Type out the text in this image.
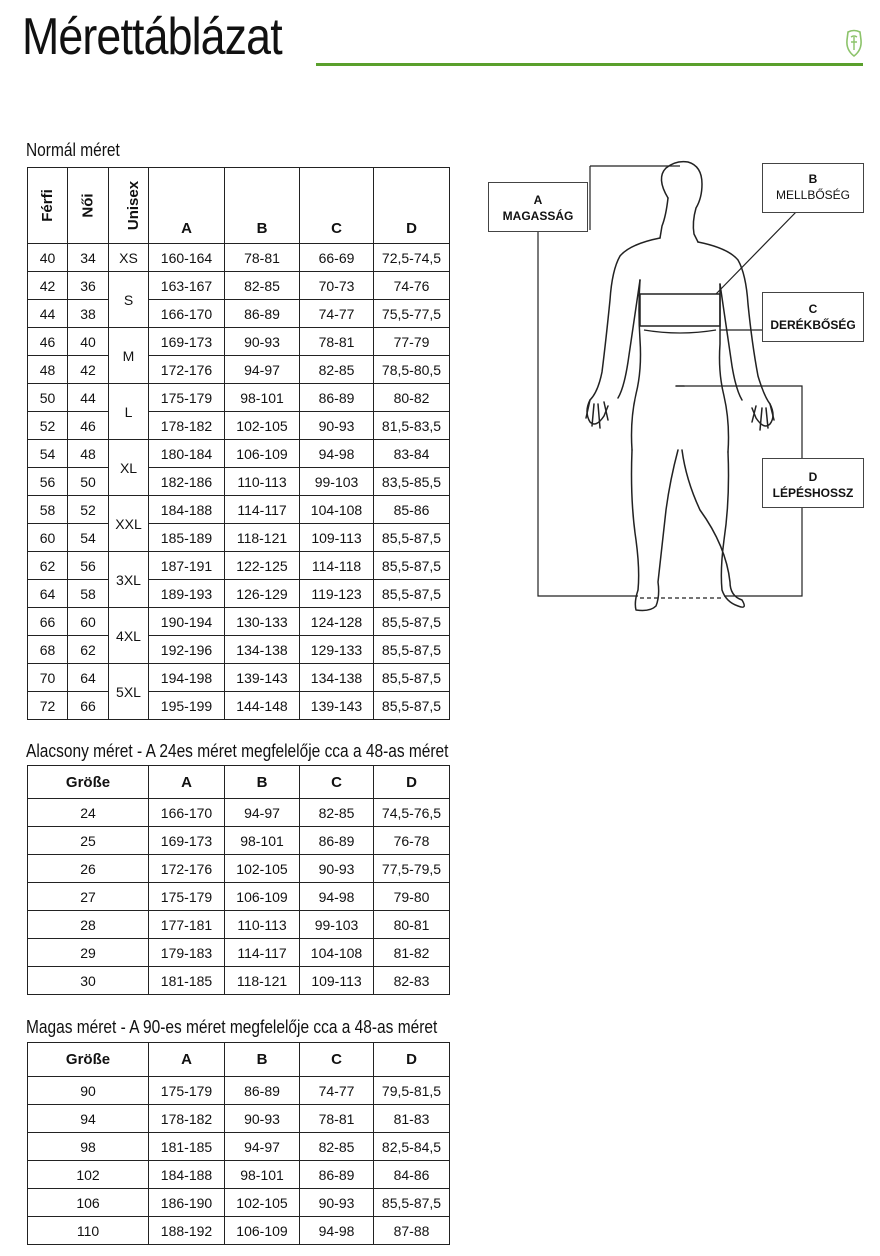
Mérettáblázat
Normál méret
Férfi	Női	Unisex	A	B	C	D
40	34	XS	160-164	78-81	66-69	72,5-74,5
42	36	S	163-167	82-85	70-73	74-76
44	38		166-170	86-89	74-77	75,5-77,5
46	40	M	169-173	90-93	78-81	77-79
48	42		172-176	94-97	82-85	78,5-80,5
50	44	L	175-179	98-101	86-89	80-82
52	46		178-182	102-105	90-93	81,5-83,5
54	48	XL	180-184	106-109	94-98	83-84
56	50		182-186	110-113	99-103	83,5-85,5
58	52	XXL	184-188	114-117	104-108	85-86
60	54		185-189	118-121	109-113	85,5-87,5
62	56	3XL	187-191	122-125	114-118	85,5-87,5
64	58		189-193	126-129	119-123	85,5-87,5
66	60	4XL	190-194	130-133	124-128	85,5-87,5
68	62		192-196	134-138	129-133	85,5-87,5
70	64	5XL	194-198	139-143	134-138	85,5-87,5
72	66		195-199	144-148	139-143	85,5-87,5
Alacsony méret - A 24es méret megfelelője cca a 48-as méret
Größe	A	B	C	D
24	166-170	94-97	82-85	74,5-76,5
25	169-173	98-101	86-89	76-78
26	172-176	102-105	90-93	77,5-79,5
27	175-179	106-109	94-98	79-80
28	177-181	110-113	99-103	80-81
29	179-183	114-117	104-108	81-82
30	181-185	118-121	109-113	82-83
Magas méret - A 90-es méret megfelelője cca a 48-as méret
Größe	A	B	C	D
90	175-179	86-89	74-77	79,5-81,5
94	178-182	90-93	78-81	81-83
98	181-185	94-97	82-85	82,5-84,5
102	184-188	98-101	86-89	84-86
106	186-190	102-105	90-93	85,5-87,5
110	188-192	106-109	94-98	87-88
A
MAGASSÁG
B
MELLBŐSÉG
C
DERÉKBŐSÉG
D
LÉPÉSHOSSZ
